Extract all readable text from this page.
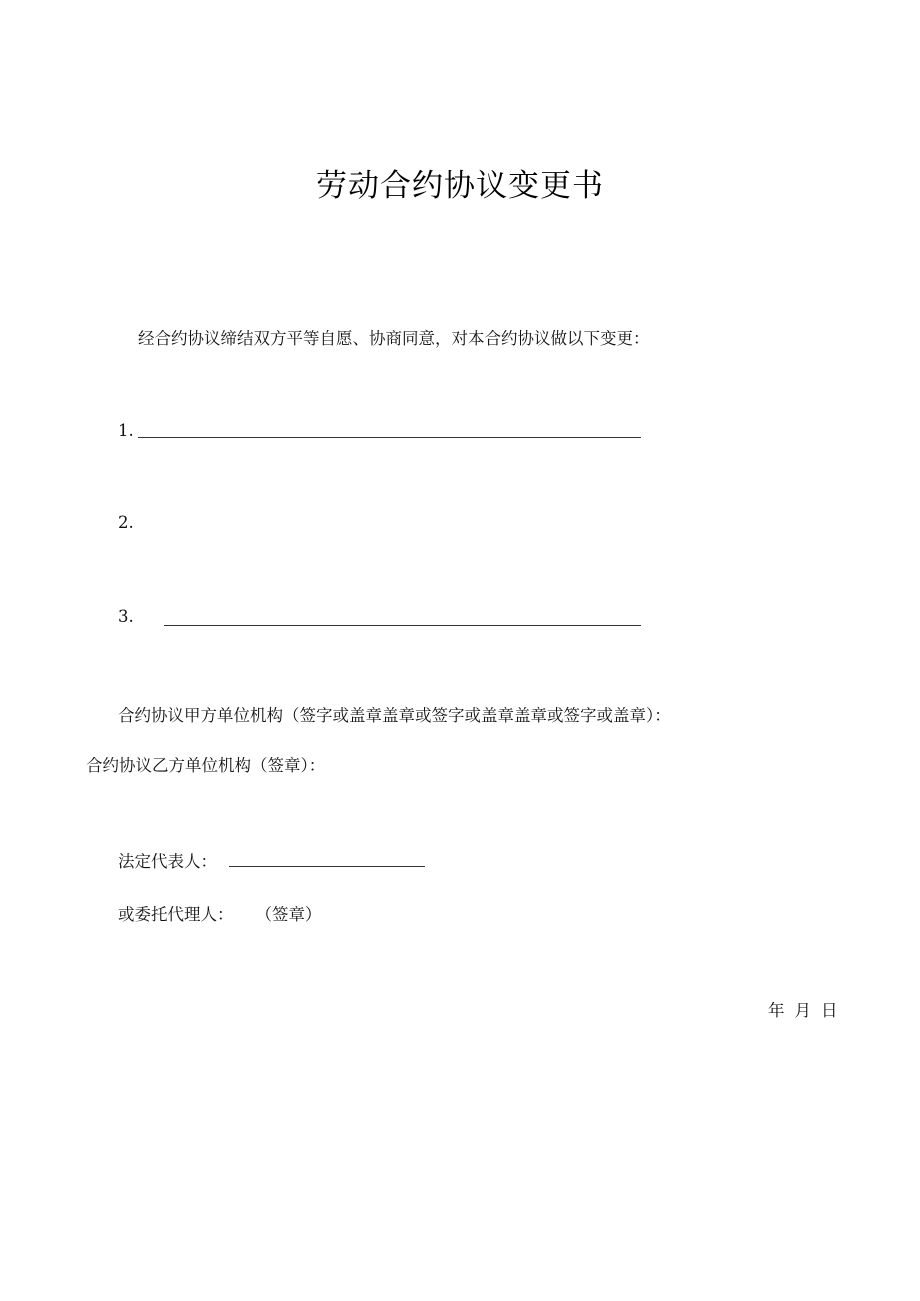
劳动合约协议变更书
经合约协议缔结双方平等自愿、协商同意，对本合约协议做以下变更：
1.
2.
3.
合约协议甲方单位机构（签字或盖章盖章或签字或盖章盖章或签字或盖章）：
合约协议乙方单位机构（签章）：
法定代表人：
或委托代理人： （签章）
年 月 日
